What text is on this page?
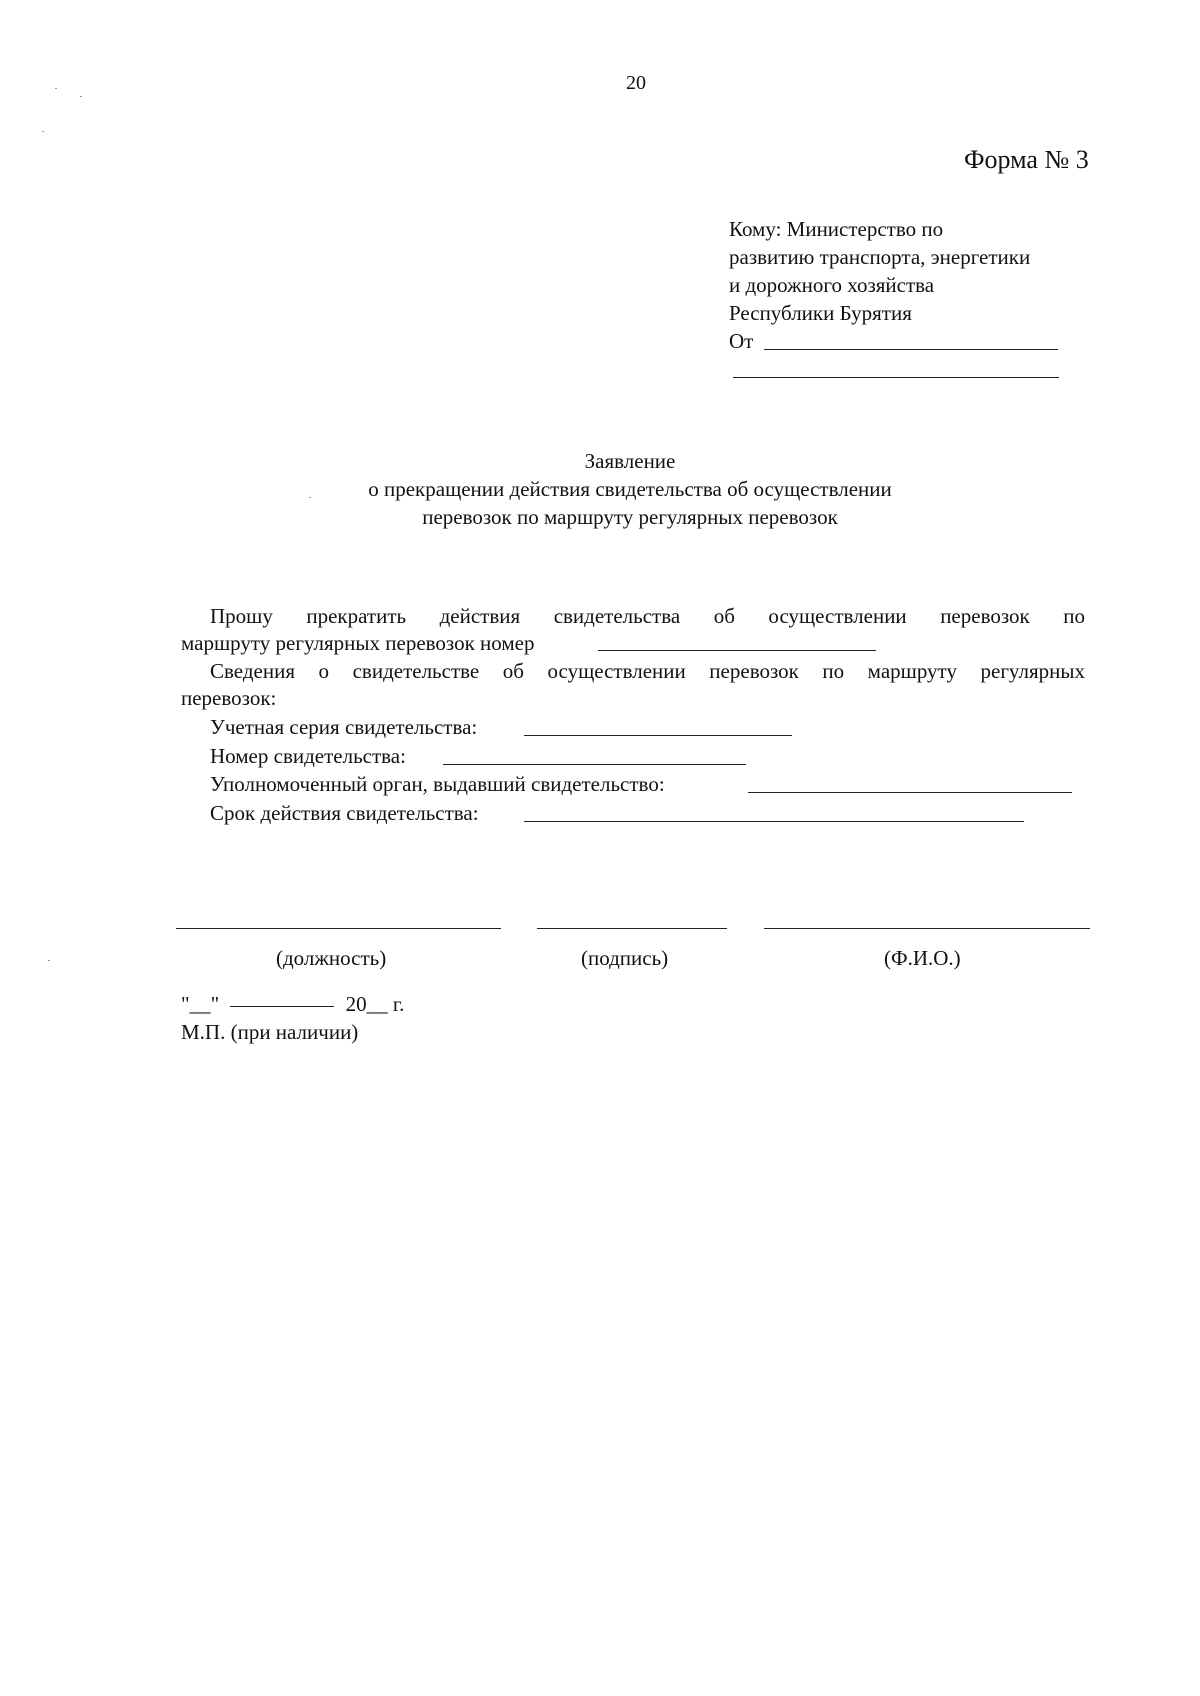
20
Форма № 3
Кому: Министерство по
развитию транспорта, энергетики
и дорожного хозяйства
Республики Бурятия
От
Заявление
о прекращении действия свидетельства об осуществлении
перевозок по маршруту регулярных перевозок
Прошу прекратить действия свидетельства об осуществлении перевозок по
маршруту регулярных перевозок номер
Сведения о свидетельстве об осуществлении перевозок по маршруту регулярных
перевозок:
Учетная серия свидетельства:
Номер свидетельства:
Уполномоченный орган, выдавший свидетельство:
Срок действия свидетельства:
(должность)	(подпись)	(Ф.И.О.)
"__"	20__ г.
М.П. (при наличии)
